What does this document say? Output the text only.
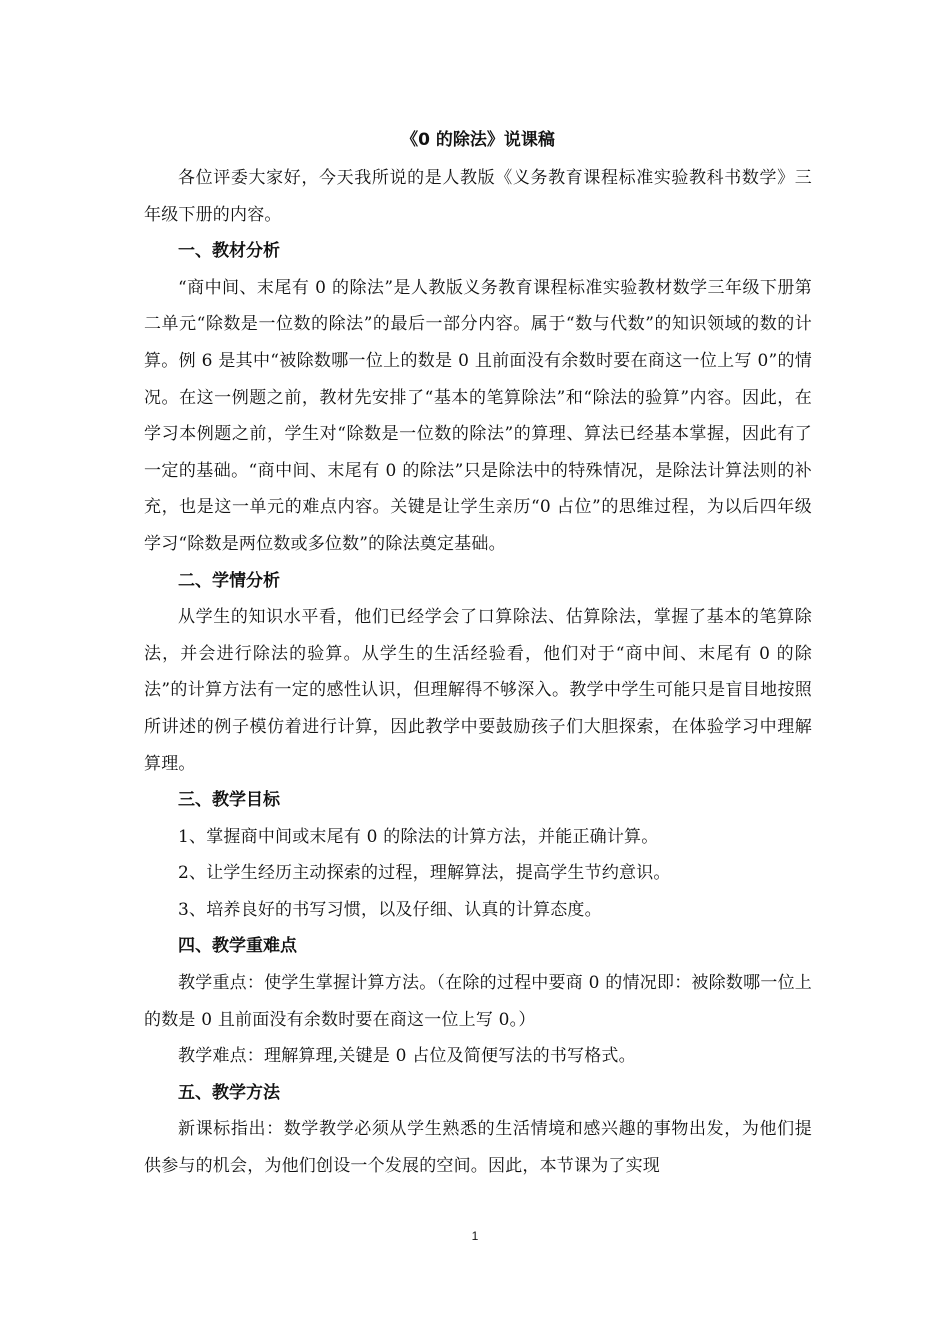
《0 的除法》说课稿

各位评委大家好，今天我所说的是人教版《义务教育课程标准实验教科书数学》三年级下册的内容。

一、教材分析

“商中间、末尾有 0 的除法”是人教版义务教育课程标准实验教材数学三年级下册第二单元“除数是一位数的除法”的最后一部分内容。属于“数与代数”的知识领域的数的计算。例 6 是其中“被除数哪一位上的数是 0 且前面没有余数时要在商这一位上写 0”的情况。在这一例题之前，教材先安排了“基本的笔算除法”和“除法的验算”内容。因此，在学习本例题之前，学生对“除数是一位数的除法”的算理、算法已经基本掌握，因此有了一定的基础。“商中间、末尾有 0 的除法”只是除法中的特殊情况，是除法计算法则的补充，也是这一单元的难点内容。关键是让学生亲历“0 占位”的思维过程，为以后四年级学习“除数是两位数或多位数”的除法奠定基础。

二、学情分析

从学生的知识水平看，他们已经学会了口算除法、估算除法，掌握了基本的笔算除法，并会进行除法的验算。从学生的生活经验看，他们对于“商中间、末尾有 0 的除法”的计算方法有一定的感性认识，但理解得不够深入。教学中学生可能只是盲目地按照所讲述的例子模仿着进行计算，因此教学中要鼓励孩子们大胆探索，在体验学习中理解算理。

三、教学目标

1、掌握商中间或末尾有 0 的除法的计算方法，并能正确计算。

2、让学生经历主动探索的过程，理解算法，提高学生节约意识。

3、培养良好的书写习惯，以及仔细、认真的计算态度。

四、教学重难点

教学重点：使学生掌握计算方法。（在除的过程中要商 0 的情况即：被除数哪一位上的数是 0 且前面没有余数时要在商这一位上写 0。）

教学难点：理解算理,关键是 0 占位及简便写法的书写格式。

五、教学方法

新课标指出：数学教学必须从学生熟悉的生活情境和感兴趣的事物出发，为他们提供参与的机会，为他们创设一个发展的空间。因此，本节课为了实现

1
